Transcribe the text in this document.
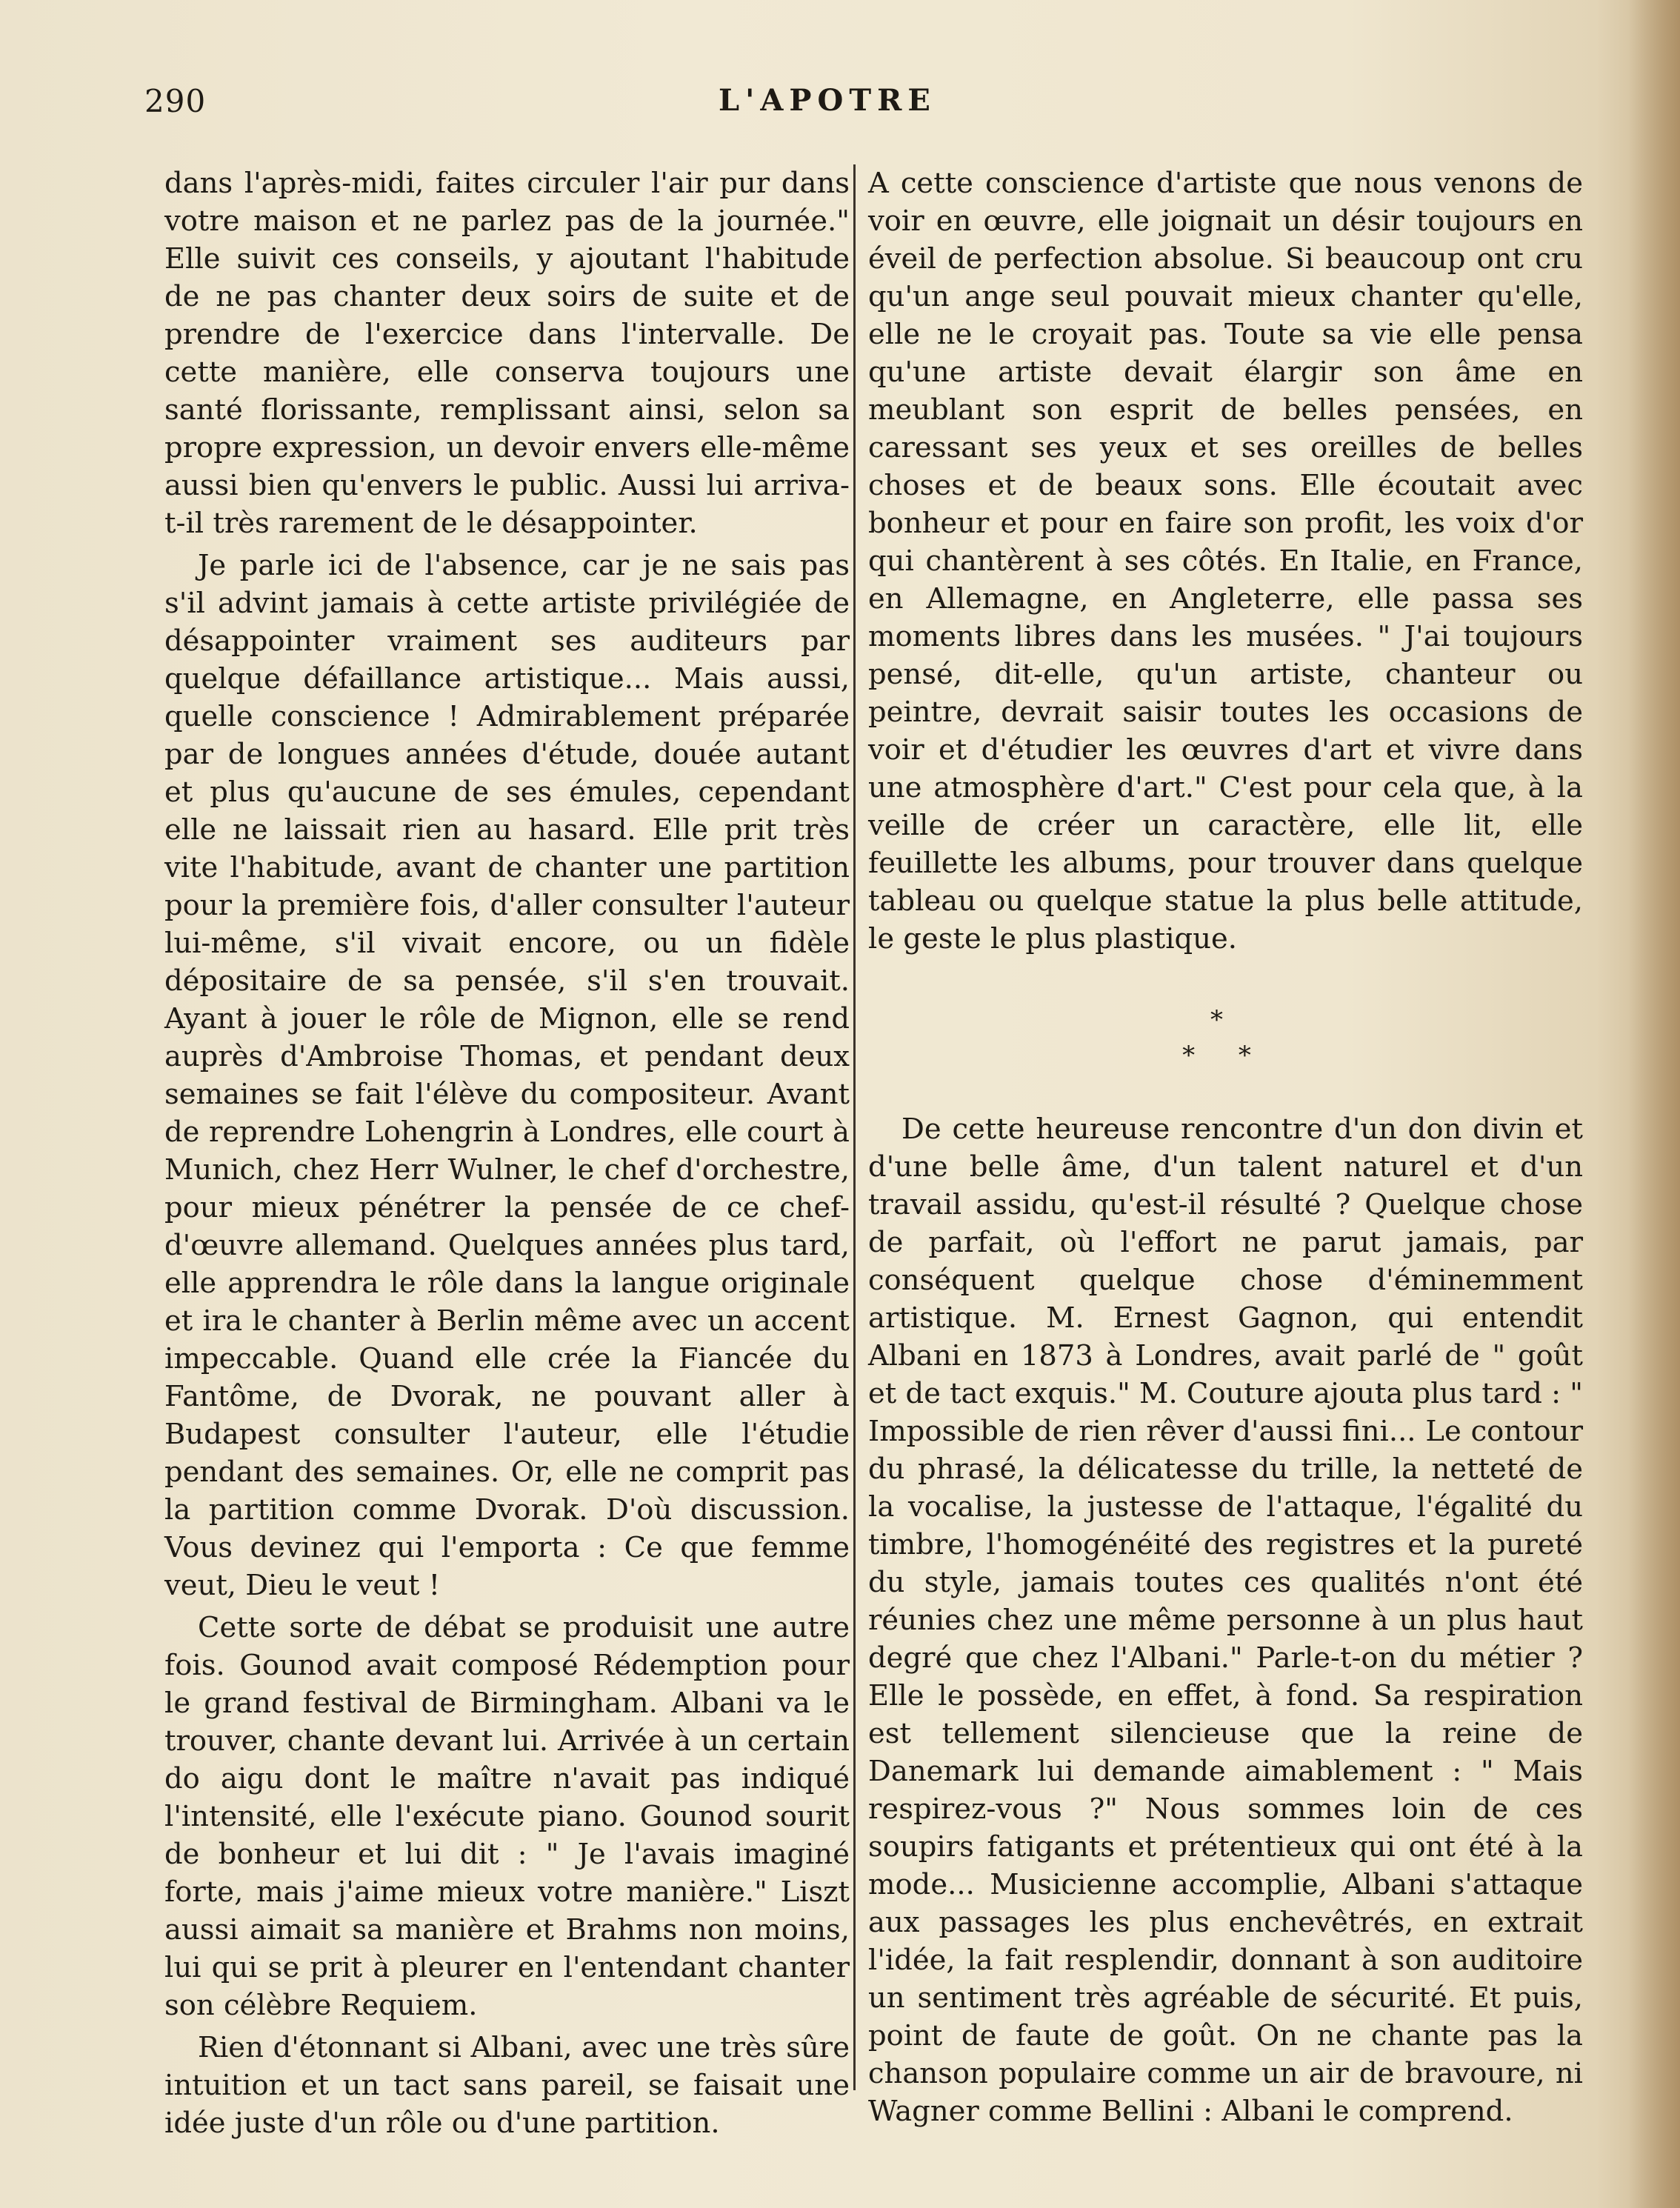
290	L'APOTRE

dans l'après-midi, faites circuler l'air pur dans votre maison et ne parlez pas de la journée." Elle suivit ces conseils, y ajoutant l'habitude de ne pas chanter deux soirs de suite et de prendre de l'exercice dans l'intervalle. De cette manière, elle conserva toujours une santé florissante, remplissant ainsi, selon sa propre expression, un devoir envers elle-même aussi bien qu'envers le public. Aussi lui arriva-t-il très rarement de le désappointer.

Je parle ici de l'absence, car je ne sais pas s'il advint jamais à cette artiste privilégiée de désappointer vraiment ses auditeurs par quelque défaillance artistique... Mais aussi, quelle conscience ! Admirablement préparée par de longues années d'étude, douée autant et plus qu'aucune de ses émules, cependant elle ne laissait rien au hasard. Elle prit très vite l'habitude, avant de chanter une partition pour la première fois, d'aller consulter l'auteur lui-même, s'il vivait encore, ou un fidèle dépositaire de sa pensée, s'il s'en trouvait. Ayant à jouer le rôle de Mignon, elle se rend auprès d'Ambroise Thomas, et pendant deux semaines se fait l'élève du compositeur. Avant de reprendre Lohengrin à Londres, elle court à Munich, chez Herr Wulner, le chef d'orchestre, pour mieux pénétrer la pensée de ce chef-d'œuvre allemand. Quelques années plus tard, elle apprendra le rôle dans la langue originale et ira le chanter à Berlin même avec un accent impeccable. Quand elle crée la Fiancée du Fantôme, de Dvorak, ne pouvant aller à Budapest consulter l'auteur, elle l'étudie pendant des semaines. Or, elle ne comprit pas la partition comme Dvorak. D'où discussion. Vous devinez qui l'emporta : Ce que femme veut, Dieu le veut !

Cette sorte de débat se produisit une autre fois. Gounod avait composé Rédemption pour le grand festival de Birmingham. Albani va le trouver, chante devant lui. Arrivée à un certain do aigu dont le maître n'avait pas indiqué l'intensité, elle l'exécute piano. Gounod sourit de bonheur et lui dit : " Je l'avais imaginé forte, mais j'aime mieux votre manière." Liszt aussi aimait sa manière et Brahms non moins, lui qui se prit à pleurer en l'entendant chanter son célèbre Requiem.

Rien d'étonnant si Albani, avec une très sûre intuition et un tact sans pareil, se faisait une idée juste d'un rôle ou d'une partition.

A cette conscience d'artiste que nous venons de voir en œuvre, elle joignait un désir toujours en éveil de perfection absolue. Si beaucoup ont cru qu'un ange seul pouvait mieux chanter qu'elle, elle ne le croyait pas. Toute sa vie elle pensa qu'une artiste devait élargir son âme en meublant son esprit de belles pensées, en caressant ses yeux et ses oreilles de belles choses et de beaux sons. Elle écoutait avec bonheur et pour en faire son profit, les voix d'or qui chantèrent à ses côtés. En Italie, en France, en Allemagne, en Angleterre, elle passa ses moments libres dans les musées. " J'ai toujours pensé, dit-elle, qu'un artiste, chanteur ou peintre, devrait saisir toutes les occasions de voir et d'étudier les œuvres d'art et vivre dans une atmosphère d'art." C'est pour cela que, à la veille de créer un caractère, elle lit, elle feuillette les albums, pour trouver dans quelque tableau ou quelque statue la plus belle attitude, le geste le plus plastique.

*
* *

De cette heureuse rencontre d'un don divin et d'une belle âme, d'un talent naturel et d'un travail assidu, qu'est-il résulté ? Quelque chose de parfait, où l'effort ne parut jamais, par conséquent quelque chose d'éminemment artistique. M. Ernest Gagnon, qui entendit Albani en 1873 à Londres, avait parlé de " goût et de tact exquis." M. Couture ajouta plus tard : " Impossible de rien rêver d'aussi fini... Le contour du phrasé, la délicatesse du trille, la netteté de la vocalise, la justesse de l'attaque, l'égalité du timbre, l'homogénéité des registres et la pureté du style, jamais toutes ces qualités n'ont été réunies chez une même personne à un plus haut degré que chez l'Albani." Parle-t-on du métier ? Elle le possède, en effet, à fond. Sa respiration est tellement silencieuse que la reine de Danemark lui demande aimablement : " Mais respirez-vous ?" Nous sommes loin de ces soupirs fatigants et prétentieux qui ont été à la mode... Musicienne accomplie, Albani s'attaque aux passages les plus enchevêtrés, en extrait l'idée, la fait resplendir, donnant à son auditoire un sentiment très agréable de sécurité. Et puis, point de faute de goût. On ne chante pas la chanson populaire comme un air de bravoure, ni Wagner comme Bellini : Albani le comprend.
